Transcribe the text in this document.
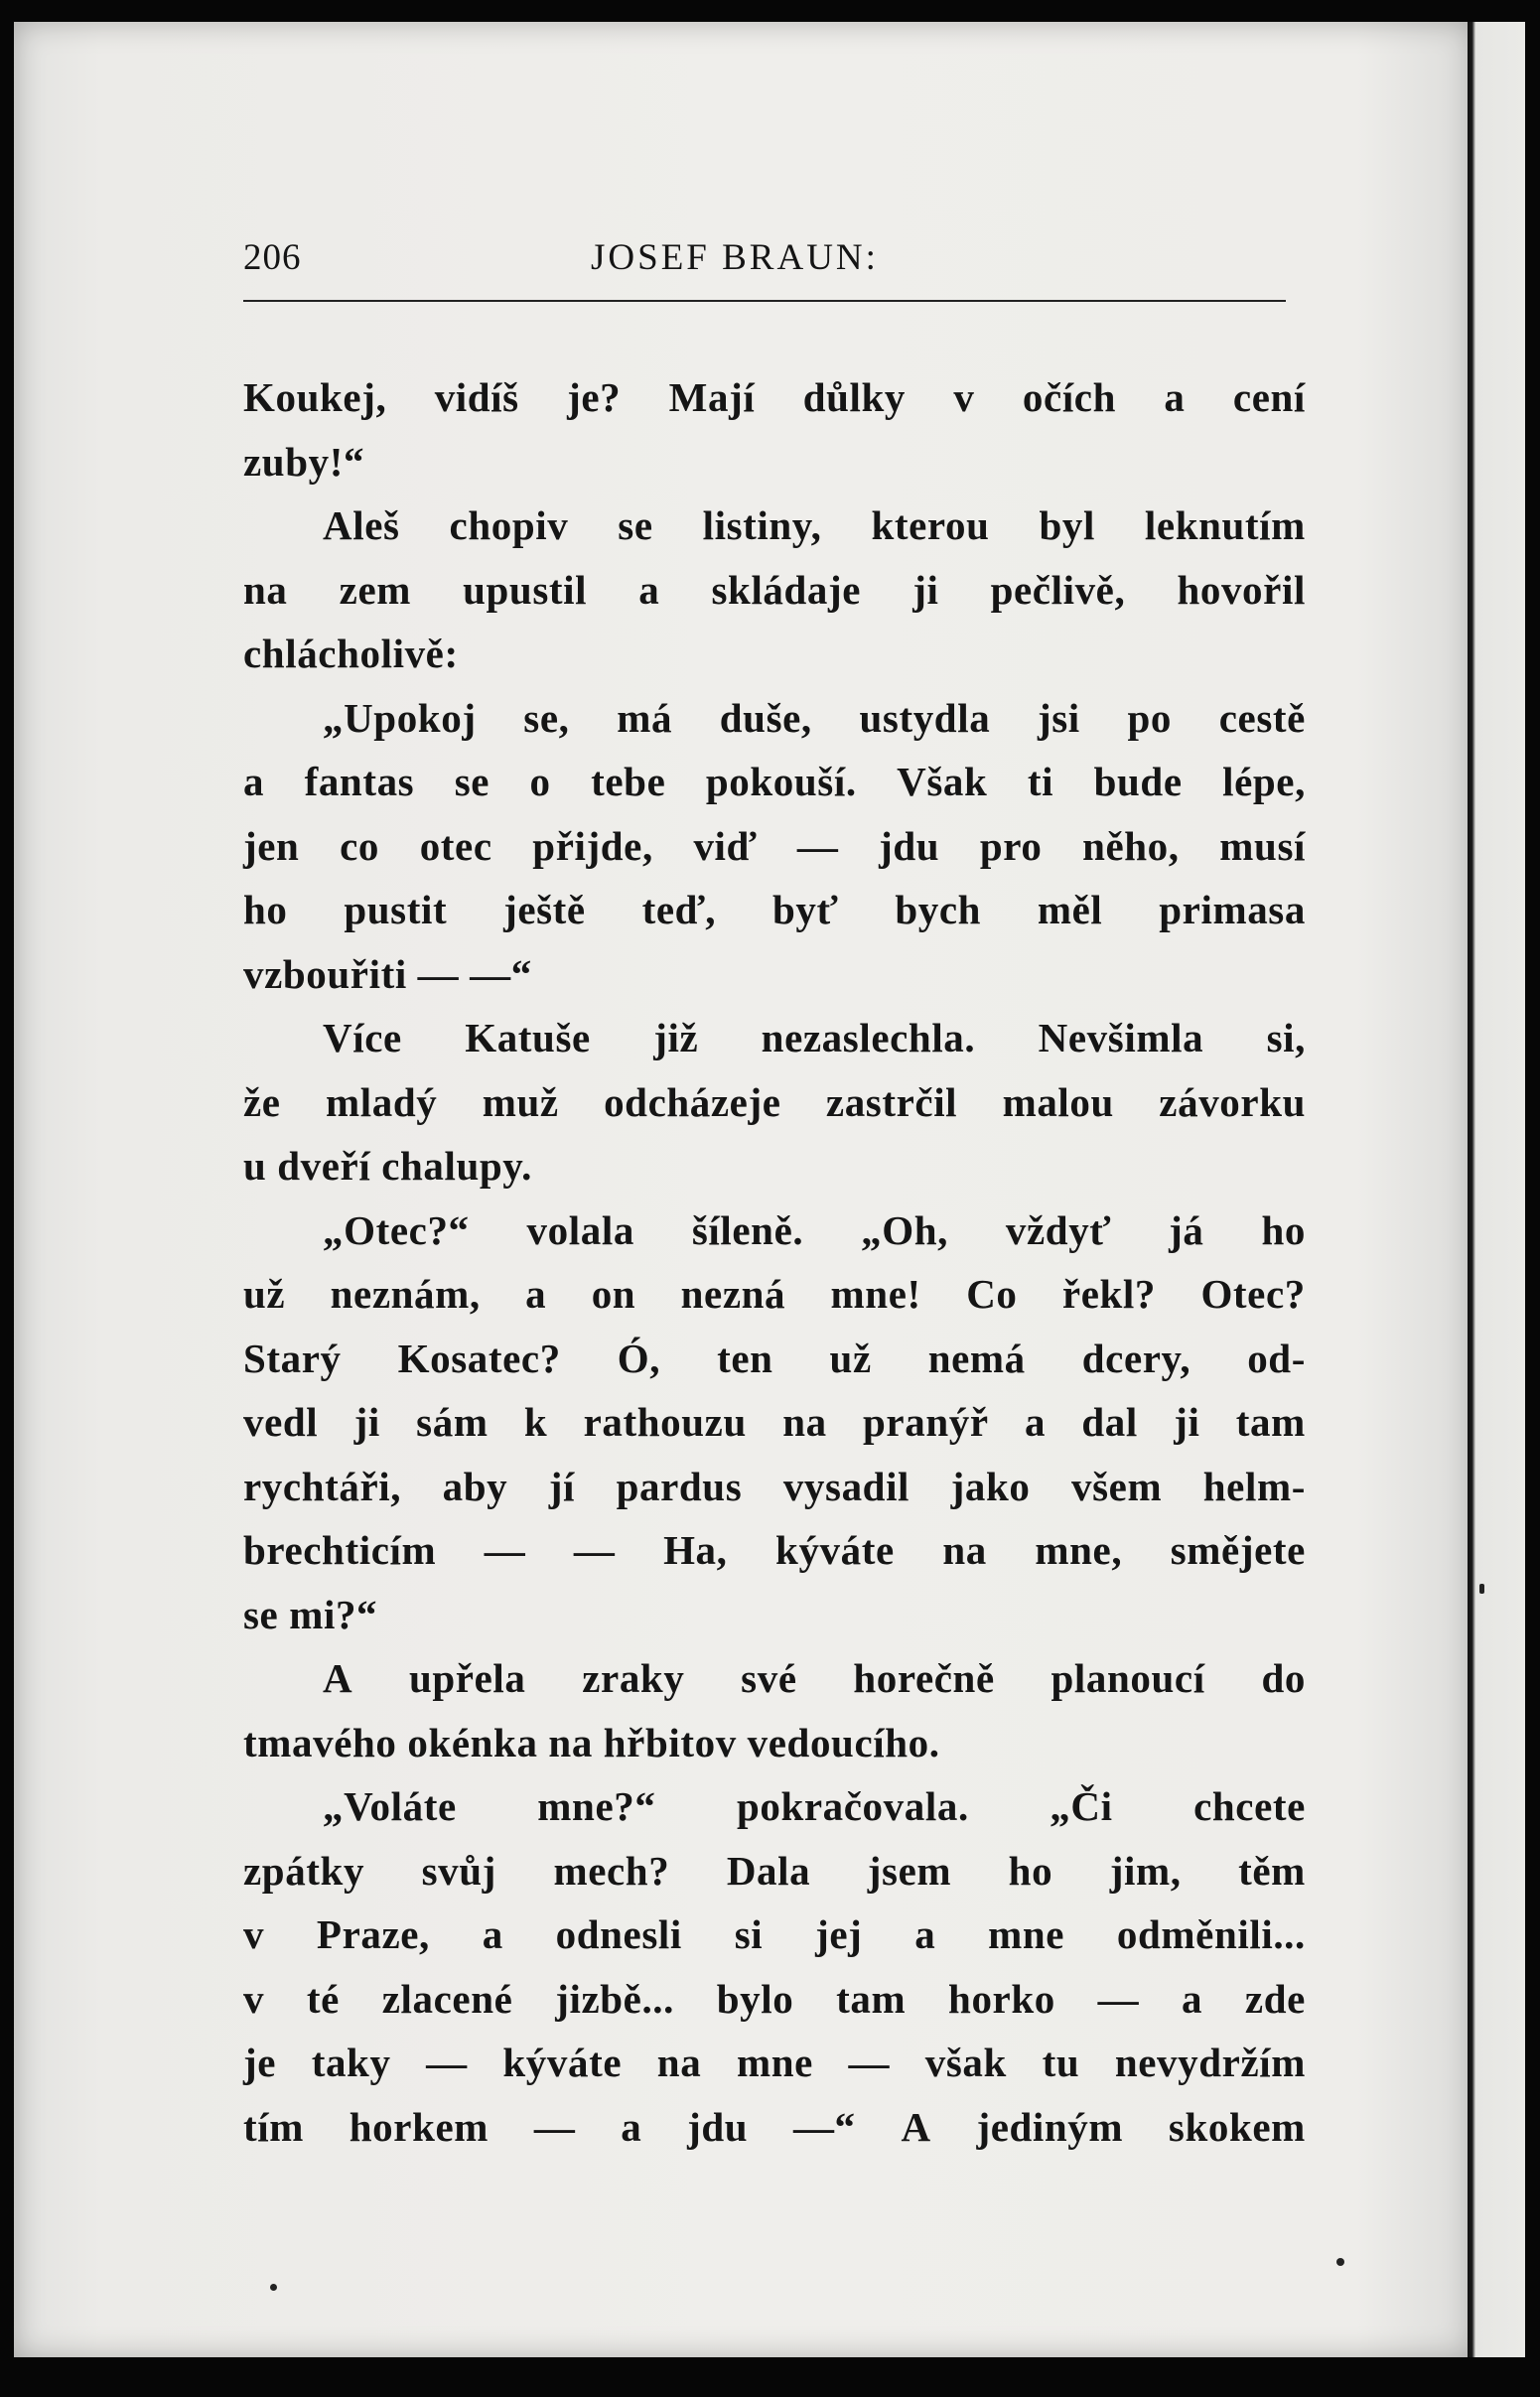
206	JOSEF BRAUN:
Koukej, vidíš je? Mají důlky v očích a cení
zuby!“
Aleš chopiv se listiny, kterou byl leknutím
na zem upustil a skládaje ji pečlivě, hovořil
chlácholivě:
„Upokoj se, má duše, ustydla jsi po cestě
a fantas se o tebe pokouší. Však ti bude lépe,
jen co otec přijde, viď — jdu pro něho, musí
ho pustit ještě teď, byť bych měl primasa
vzbouřiti — —“
Více Katuše již nezaslechla. Nevšimla si,
že mladý muž odcházeje zastrčil malou závorku
u dveří chalupy.
„Otec?“ volala šíleně. „Oh, vždyť já ho
už neznám, a on nezná mne! Co řekl? Otec?
Starý Kosatec? Ó, ten už nemá dcery, od-
vedl ji sám k rathouzu na pranýř a dal ji tam
rychtáři, aby jí pardus vysadil jako všem helm-
brechticím — — Ha, kýváte na mne, smějete
se mi?“
A upřela zraky své horečně planoucí do
tmavého okénka na hřbitov vedoucího.
„Voláte mne?“ pokračovala. „Či chcete
zpátky svůj mech? Dala jsem ho jim, těm
v Praze, a odnesli si jej a mne odměnili...
v té zlacené jizbě... bylo tam horko — a zde
je taky — kýváte na mne — však tu nevydržím
tím horkem — a jdu —“ A jediným skokem
